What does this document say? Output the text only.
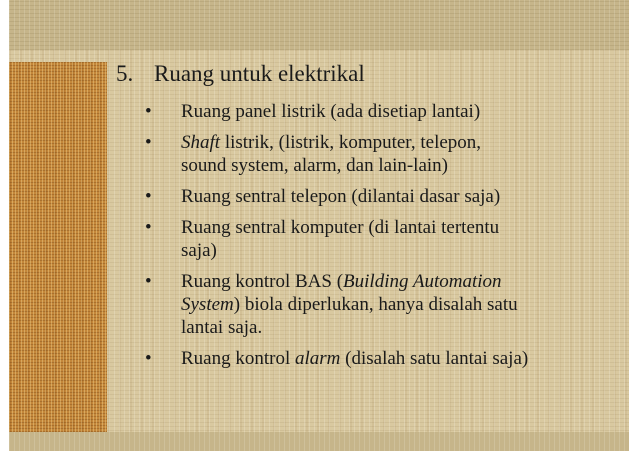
5. Ruang untuk elektrikal
• Ruang panel listrik (ada disetiap lantai)
• Shaft listrik, (listrik, komputer, telepon,
sound system, alarm, dan lain-lain)
• Ruang sentral telepon (dilantai dasar saja)
• Ruang sentral komputer (di lantai tertentu
saja)
• Ruang kontrol BAS (Building Automation
System) biola diperlukan, hanya disalah satu
lantai saja.
• Ruang kontrol alarm (disalah satu lantai saja)
